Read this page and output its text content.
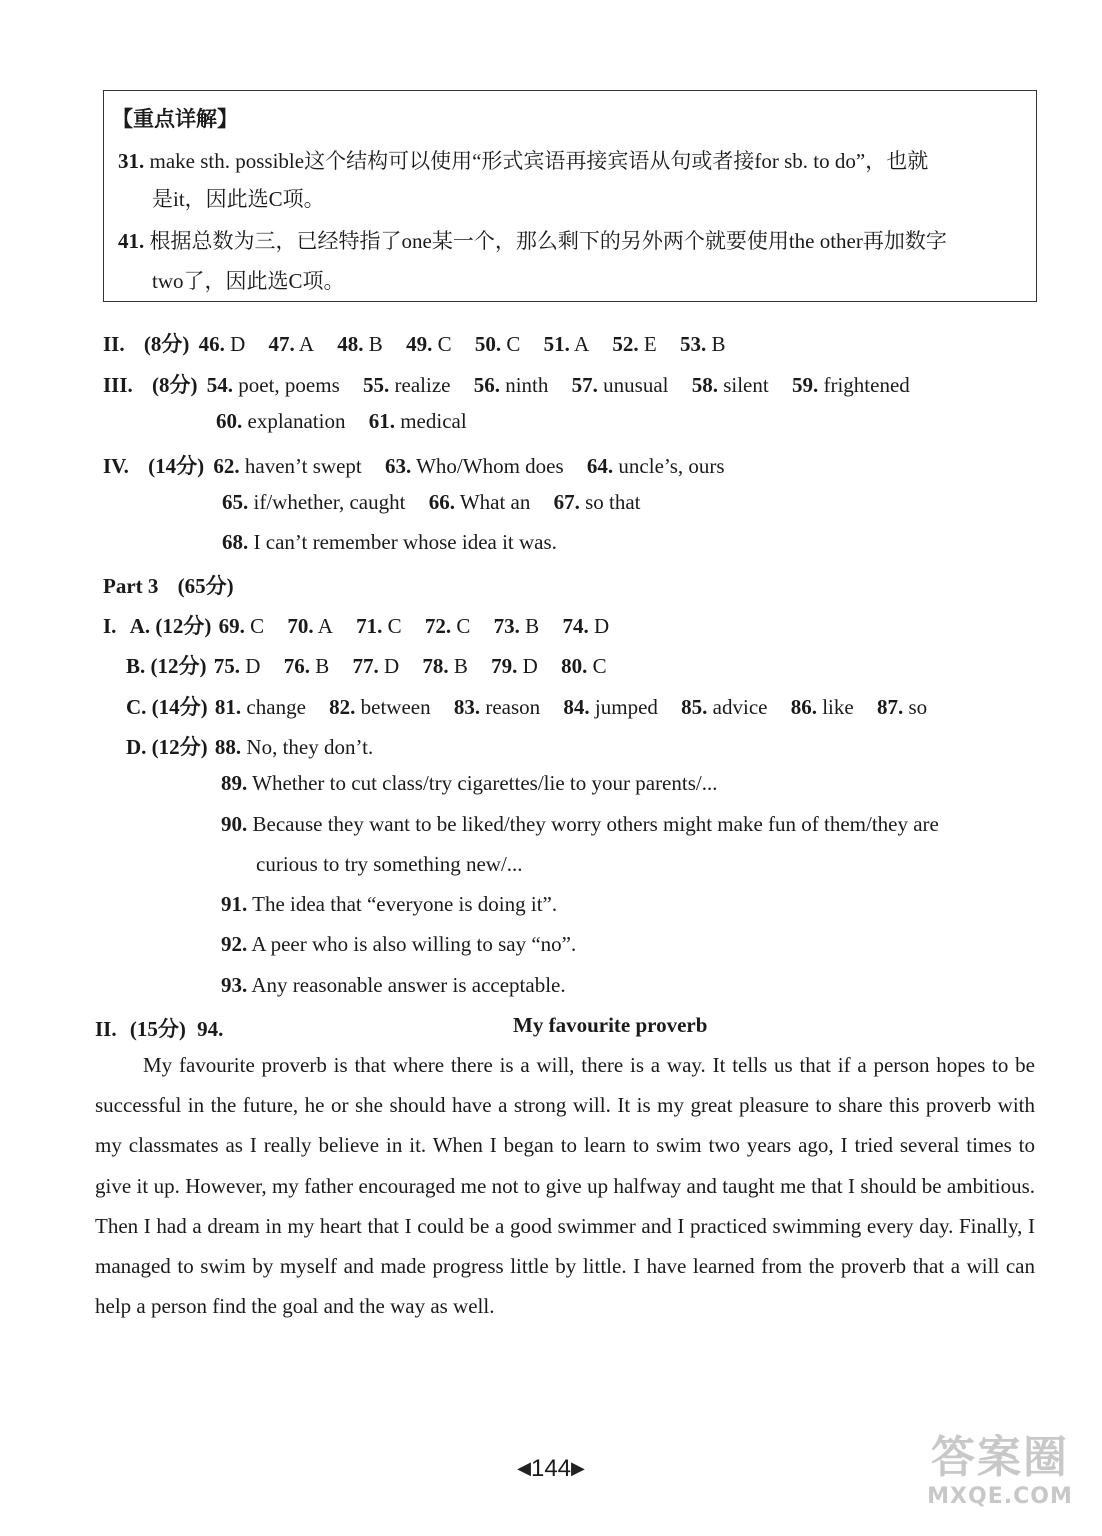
【重点详解】
31. make sth. possible这个结构可以使用“形式宾语再接宾语从句或者接for sb. to do”，也就
是it，因此选C项。
41. 根据总数为三，已经特指了one某一个，那么剩下的另外两个就要使用the other再加数字
two了，因此选C项。
II. (8分) 46. D 47. A 48. B 49. C 50. C 51. A 52. E 53. B
III. (8分) 54. poet, poems 55. realize 56. ninth 57. unusual 58. silent 59. frightened
60. explanation 61. medical
IV. (14分) 62. haven’t swept 63. Who/Whom does 64. uncle’s, ours
65. if/whether, caught 66. What an 67. so that
68. I can’t remember whose idea it was.
Part 3 (65分)
I. A. (12分) 69. C 70. A 71. C 72. C 73. B 74. D
B. (12分) 75. D 76. B 77. D 78. B 79. D 80. C
C. (14分) 81. change 82. between 83. reason 84. jumped 85. advice 86. like 87. so
D. (12分) 88. No, they don’t.
89. Whether to cut class/try cigarettes/lie to your parents/...
90. Because they want to be liked/they worry others might make fun of them/they are
curious to try something new/...
91. The idea that “everyone is doing it”.
92. A peer who is also willing to say “no”.
93. Any reasonable answer is acceptable.
II. (15分) 94.	My favourite proverb
My favourite proverb is that where there is a will, there is a way. It tells us that if a person hopes to be successful in the future, he or she should have a strong will. It is my great pleasure to share this proverb with my classmates as I really believe in it. When I began to learn to swim two years ago, I tried several times to give it up. However, my father encouraged me not to give up halfway and taught me that I should be ambitious. Then I had a dream in my heart that I could be a good swimmer and I practiced swimming every day. Finally, I managed to swim by myself and made progress little by little. I have learned from the proverb that a will can help a person find the goal and the way as well.
◀144▶	答案圈
MXQE.COM
